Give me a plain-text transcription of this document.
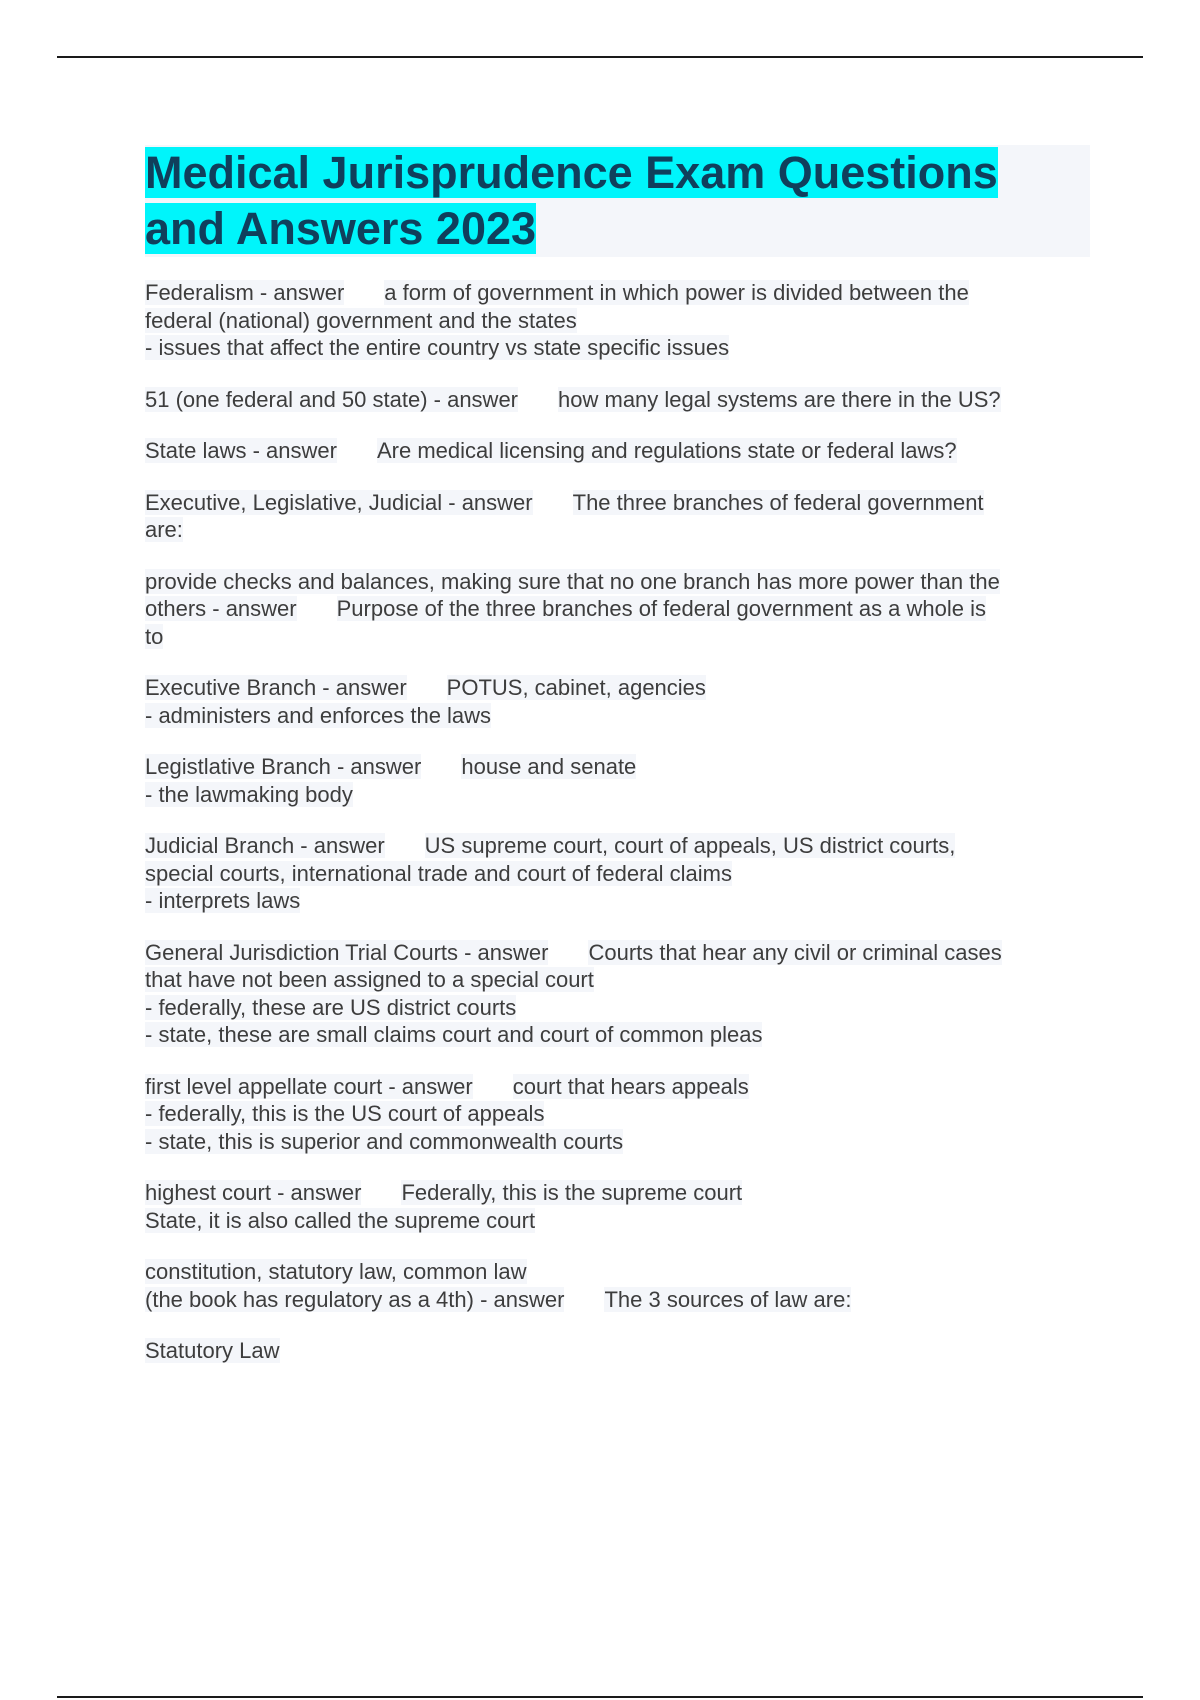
Medical Jurisprudence Exam Questions
and Answers 2023
Federalism - answer a form of government in which power is divided between the
federal (national) government and the states
- issues that affect the entire country vs state specific issues
51 (one federal and 50 state) - answer how many legal systems are there in the US?
State laws - answer Are medical licensing and regulations state or federal laws?
Executive, Legislative, Judicial - answer The three branches of federal government
are:
provide checks and balances, making sure that no one branch has more power than the
others - answer Purpose of the three branches of federal government as a whole is
to
Executive Branch - answer POTUS, cabinet, agencies
- administers and enforces the laws
Legistlative Branch - answer house and senate
- the lawmaking body
Judicial Branch - answer US supreme court, court of appeals, US district courts,
special courts, international trade and court of federal claims
- interprets laws
General Jurisdiction Trial Courts - answer Courts that hear any civil or criminal cases
that have not been assigned to a special court
- federally, these are US district courts
- state, these are small claims court and court of common pleas
first level appellate court - answer court that hears appeals
- federally, this is the US court of appeals
- state, this is superior and commonwealth courts
highest court - answer Federally, this is the supreme court
State, it is also called the supreme court
constitution, statutory law, common law
(the book has regulatory as a 4th) - answer The 3 sources of law are:
Statutory Law
